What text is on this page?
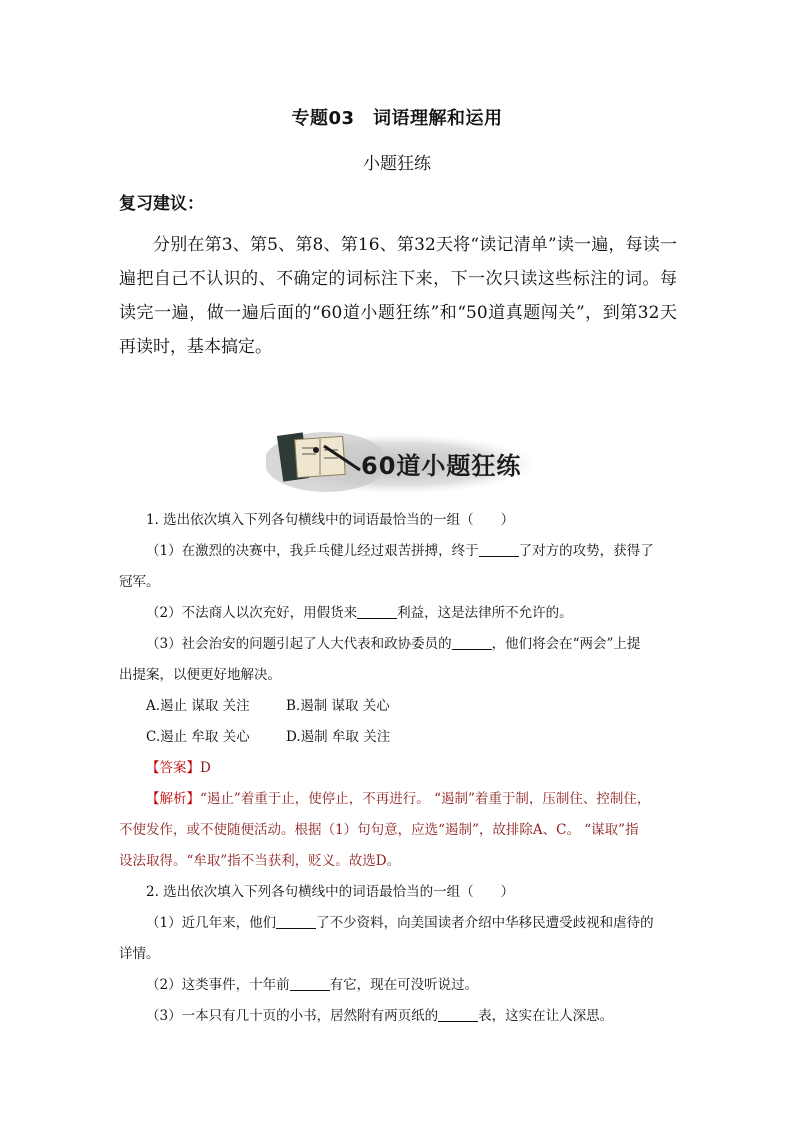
专题03　词语理解和运用
小题狂练
复习建议：
分别在第3、第5、第8、第16、第32天将“读记清单”读一遍，每读一遍把自己不认识的、不确定的词标注下来，下一次只读这些标注的词。每读完一遍，做一遍后面的“60道小题狂练”和“50道真题闯关”，到第32天再读时，基本搞定。
60道小题狂练
1. 选出依次填入下列各句横线中的词语最恰当的一组（　　）
（1）在激烈的决赛中，我乒乓健儿经过艰苦拼搏，终于	了对方的攻势，获得了
冠军。
（2）不法商人以次充好，用假货来	利益，这是法律所不允许的。
（3）社会治安的问题引起了人大代表和政协委员的	，他们将会在“两会”上提
出提案，以便更好地解决。
A.遏止 谋取 关注	B.遏制 谋取 关心
C.遏止 牟取 关心	D.遏制 牟取 关注
【答案】D
【解析】“遏止”着重于止，使停止，不再进行。 “遏制”着重于制，压制住、控制住，
不使发作，或不使随便活动。根据（1）句句意，应选“遏制”，故排除A、C。 “谋取”指
设法取得。“牟取”指不当获利，贬义。故选D。
2. 选出依次填入下列各句横线中的词语最恰当的一组（　　）
（1）近几年来，他们	了不少资料，向美国读者介绍中华移民遭受歧视和虐待的
详情。
（2）这类事件，十年前	有它，现在可没听说过。
（3）一本只有几十页的小书，居然附有两页纸的	表，这实在让人深思。
